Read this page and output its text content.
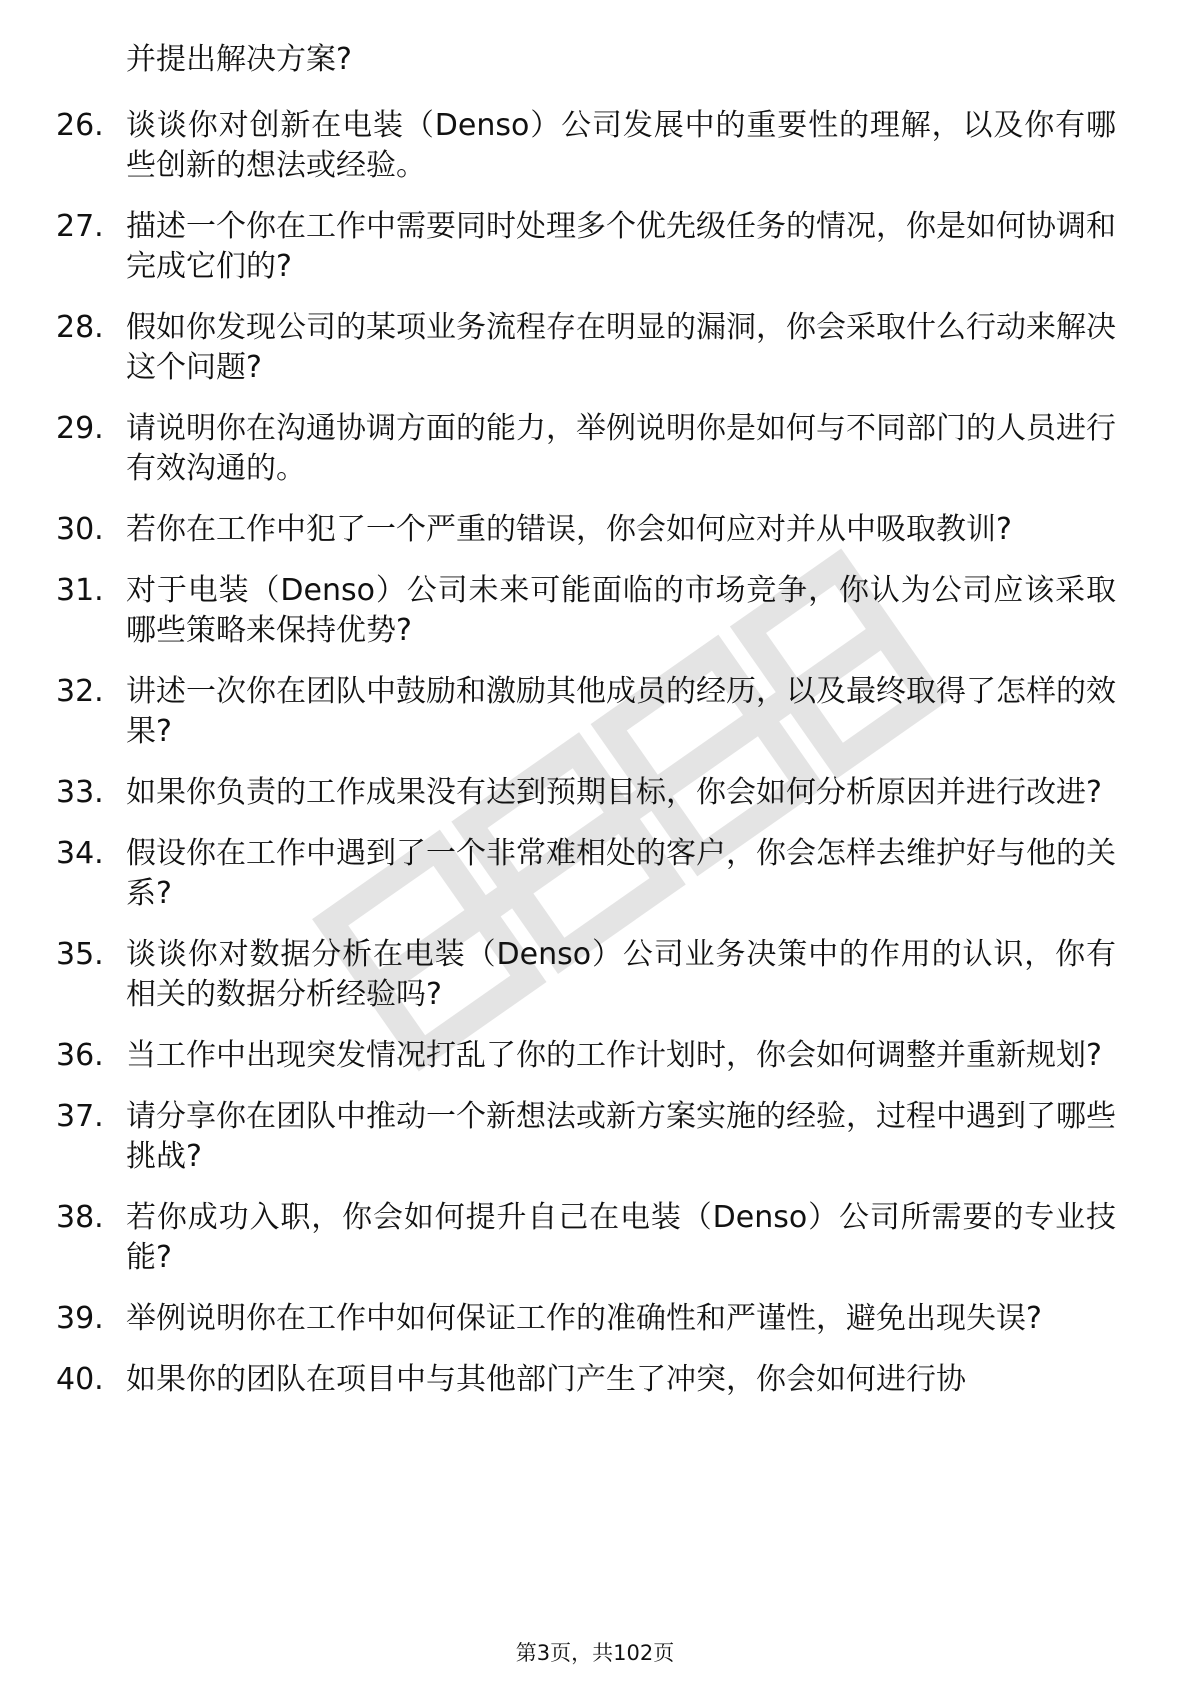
并提出解决方案?

26. 谈谈你对创新在电装（Denso）公司发展中的重要性的理解，以及你有哪些创新的想法或经验。
27. 描述一个你在工作中需要同时处理多个优先级任务的情况，你是如何协调和完成它们的?
28. 假如你发现公司的某项业务流程存在明显的漏洞，你会采取什么行动来解决这个问题?
29. 请说明你在沟通协调方面的能力，举例说明你是如何与不同部门的人员进行有效沟通的。
30. 若你在工作中犯了一个严重的错误，你会如何应对并从中吸取教训?
31. 对于电装（Denso）公司未来可能面临的市场竞争，你认为公司应该采取哪些策略来保持优势?
32. 讲述一次你在团队中鼓励和激励其他成员的经历，以及最终取得了怎样的效果?
33. 如果你负责的工作成果没有达到预期目标，你会如何分析原因并进行改进?
34. 假设你在工作中遇到了一个非常难相处的客户，你会怎样去维护好与他的关系?
35. 谈谈你对数据分析在电装（Denso）公司业务决策中的作用的认识，你有相关的数据分析经验吗?
36. 当工作中出现突发情况打乱了你的工作计划时，你会如何调整并重新规划?
37. 请分享你在团队中推动一个新想法或新方案实施的经验，过程中遇到了哪些挑战?
38. 若你成功入职，你会如何提升自己在电装（Denso）公司所需要的专业技能?
39. 举例说明你在工作中如何保证工作的准确性和严谨性，避免出现失误?
40. 如果你的团队在项目中与其他部门产生了冲突，你会如何进行协
第3页，共102页
